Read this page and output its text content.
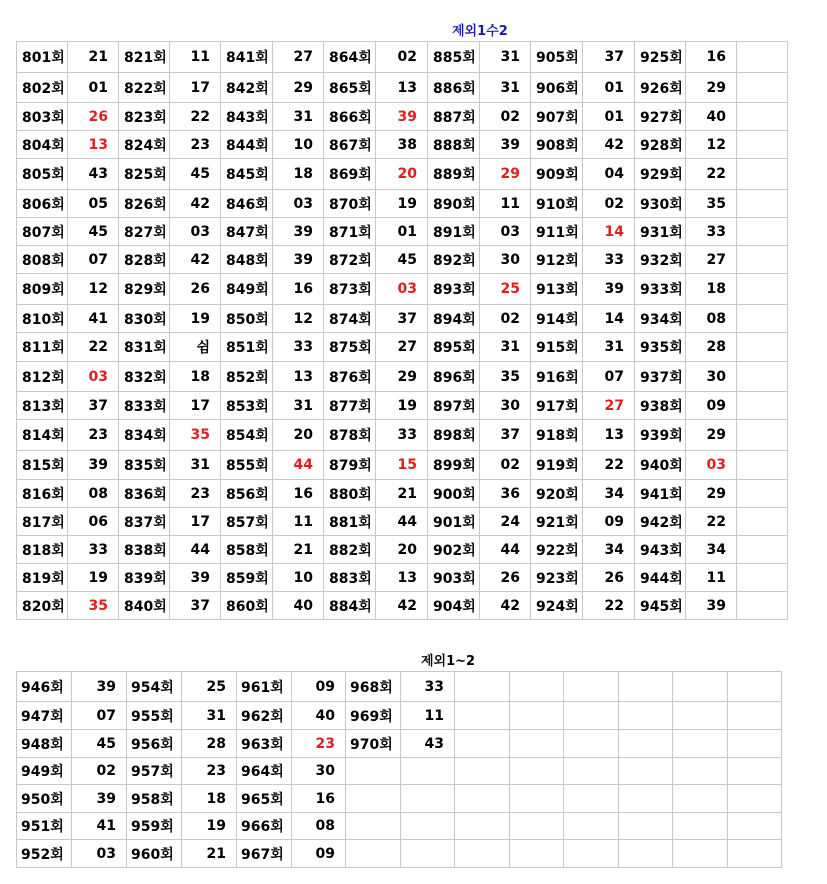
제외1수2
801회	21	821회	11	841회	27	864회	02	885회	31	905회	37	925회	16	
802회	01	822회	17	842회	29	865회	13	886회	31	906회	01	926회	29	
803회	26	823회	22	843회	31	866회	39	887회	02	907회	01	927회	40	
804회	13	824회	23	844회	10	867회	38	888회	39	908회	42	928회	12	
805회	43	825회	45	845회	18	869회	20	889회	29	909회	04	929회	22	
806회	05	826회	42	846회	03	870회	19	890회	11	910회	02	930회	35	
807회	45	827회	03	847회	39	871회	01	891회	03	911회	14	931회	33	
808회	07	828회	42	848회	39	872회	45	892회	30	912회	33	932회	27	
809회	12	829회	26	849회	16	873회	03	893회	25	913회	39	933회	18	
810회	41	830회	19	850회	12	874회	37	894회	02	914회	14	934회	08	
811회	22	831회	쉼	851회	33	875회	27	895회	31	915회	31	935회	28	
812회	03	832회	18	852회	13	876회	29	896회	35	916회	07	937회	30	
813회	37	833회	17	853회	31	877회	19	897회	30	917회	27	938회	09	
814회	23	834회	35	854회	20	878회	33	898회	37	918회	13	939회	29	
815회	39	835회	31	855회	44	879회	15	899회	02	919회	22	940회	03	
816회	08	836회	23	856회	16	880회	21	900회	36	920회	34	941회	29	
817회	06	837회	17	857회	11	881회	44	901회	24	921회	09	942회	22	
818회	33	838회	44	858회	21	882회	20	902회	44	922회	34	943회	34	
819회	19	839회	39	859회	10	883회	13	903회	26	923회	26	944회	11	
820회	35	840회	37	860회	40	884회	42	904회	42	924회	22	945회	39	
제외1~2
946회	39	954회	25	961회	09	968회	33						
947회	07	955회	31	962회	40	969회	11						
948회	45	956회	28	963회	23	970회	43						
949회	02	957회	23	964회	30								
950회	39	958회	18	965회	16								
951회	41	959회	19	966회	08								
952회	03	960회	21	967회	09								
